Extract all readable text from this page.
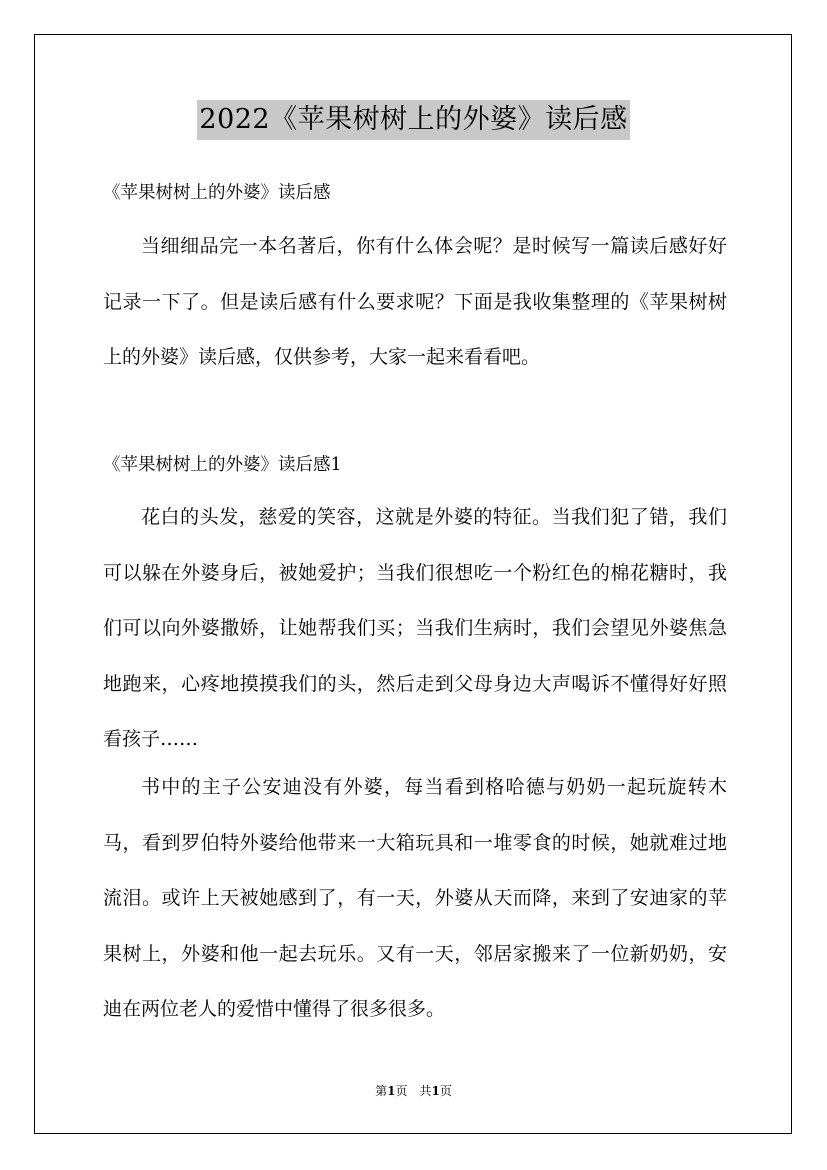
2022《苹果树树上的外婆》读后感
《苹果树树上的外婆》读后感
当细细品完一本名著后，你有什么体会呢？是时候写一篇读后感好好记录一下了。但是读后感有什么要求呢？下面是我收集整理的《苹果树树上的外婆》读后感，仅供参考，大家一起来看看吧。
《苹果树树上的外婆》读后感1
花白的头发，慈爱的笑容，这就是外婆的特征。当我们犯了错，我们可以躲在外婆身后，被她爱护；当我们很想吃一个粉红色的棉花糖时，我们可以向外婆撒娇，让她帮我们买；当我们生病时，我们会望见外婆焦急地跑来，心疼地摸摸我们的头，然后走到父母身边大声喝诉不懂得好好照看孩子……
书中的主子公安迪没有外婆，每当看到格哈德与奶奶一起玩旋转木马，看到罗伯特外婆给他带来一大箱玩具和一堆零食的时候，她就难过地流泪。或许上天被她感到了，有一天，外婆从天而降，来到了安迪家的苹果树上，外婆和他一起去玩乐。又有一天，邻居家搬来了一位新奶奶，安迪在两位老人的爱惜中懂得了很多很多。
第1页　共1页
